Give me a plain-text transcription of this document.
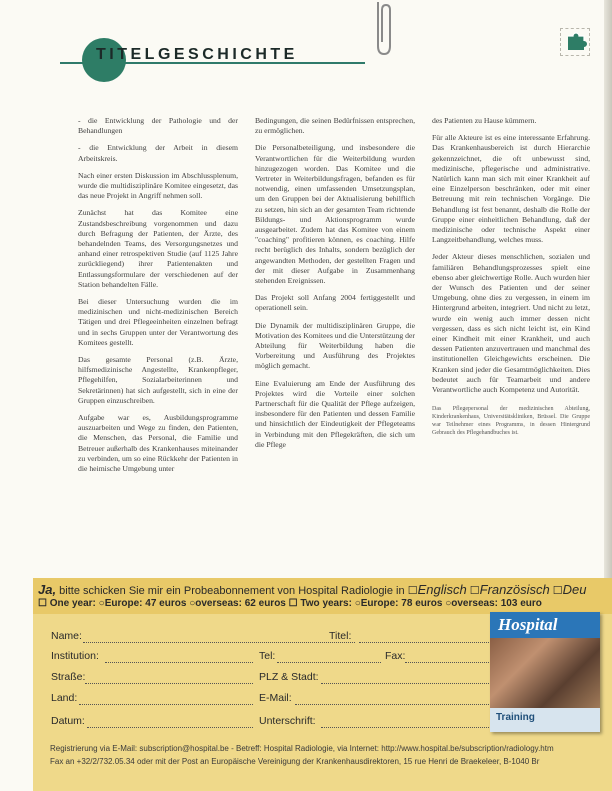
TITELGESCHICHTE

- die Entwicklung der Pathologie und der Behandlungen

- die Entwicklung der Arbeit in diesem Arbeitskreis.

Nach einer ersten Diskussion im Abschlussplenum, wurde die multidisziplinäre Komitee eingesetzt, das das neue Projekt in Angriff nehmen soll.

Zunächst hat das Komitee eine Zustandsbeschreibung vorgenommen und dazu durch Befragung der Patienten, der Ärzte, des behandelnden Teams, des Versorgungsnetzes und anhand einer retrospektiven Studie (auf 1125 Jahre zurückliegend) ihrer Patientenakten und Entlassungsformulare der verschiedenen auf der Station behandelten Fälle.

Bei dieser Untersuchung wurden die im medizinischen und nicht-medizinischen Bereich Tätigen und drei Pflegeeinheiten einzelnen befragt und in sechs Gruppen unter der Verantwortung des Komitees gestellt.

Das gesamte Personal (z.B. Ärzte, hilfsmedizinische Angestellte, Krankenpfleger, Pflegehilfen, Sozialarbeiterinnen und Sekretärinnen) hat sich aufgestellt, sich in eine der Gruppen einzuschreiben.

Aufgabe war es, Ausbildungsprogramme auszuarbeiten und Wege zu finden, den Patienten, die Menschen, das Personal, die Familie und Betreuer außerhalb des Krankenhauses miteinander zu verbinden, um so eine Rückkehr der Patienten in die heimische Umgebung unter

Bedingungen, die seinen Bedürfnissen entsprechen, zu ermöglichen.

Die Personalbeteiligung, und insbesondere die Verantwortlichen für die Weiterbildung wurden hinzugezogen worden. Das Komitee und die Vertreter in Weiterbildungsfragen, befanden es für notwendig, einen umfassenden Umsetzungsplan, um den Gruppen bei der Aktualisierung behilflich zu setzen, hin sich an der gesamten Team richtende Bildungs- und Aktionsprogramm wurde ausgearbeitet. Zudem hat das Komitee von einem "coaching" profitieren können, es coaching. Hilfe recht berüglich des Inhalts, sondern bezüglich der angewandten Methoden, der gestellten Fragen und der mit dieser Aufgabe in Zusammenhang stehenden Ereignissen.

Das Projekt soll Anfang 2004 fertiggestellt und operationell sein.

Die Dynamik der multidisziplinären Gruppe, die Motivation des Komitees und die Unterstützung der Abteilung für Weiterbildung haben die Vorbereitung und Ausführung des Projektes möglich gemacht.

Eine Evaluierung am Ende der Ausführung des Projektes wird die Vorteile einer solchen Partnerschaft für die Qualität der Pflege aufzeigen, insbesondere für den Patienten und dessen Familie und hinsichtlich der Eindeutigkeit der Pflegeteams in Verbindung mit den Pflegekräften, die sich um die Pflege

des Patienten zu Hause kümmern.

Für alle Akteure ist es eine interessante Erfahrung. Das Krankenhausbereich ist durch Hierarchie gekennzeichnet, die oft unbewusst sind, medizinische, pflegerische und administrative. Natürlich kann man sich mit einer Krankheit auf eine Einzelperson beschränken, oder mit einer Betreuung mit rein technischen Vorgänge. Die Behandlung ist fest benannt, deshalb die Rolle der Gruppe einer einheitlichen Behandlung, daß der medizinische oder technische Aspekt einer Langzeitbehandlung, welches muss.

Jeder Akteur dieses menschlichen, sozialen und familiären Behandlungsprozesses spielt eine ebenso aber gleichwertige Rolle. Auch wurden hier der Wunsch des Patienten und der seiner Umgebung, ohne dies zu vergessen, in einem im Hintergrund arbeiten, integriert. Und nicht zu letzt, wurde ein wenig auch immer dessen nicht vergessen, dass es sich nicht leicht ist, ein Kind einer Kindheit mit einer Krankheit, und auch dessen Patienten anzuvertrauen und manchmal des institutionellen Gleichgewichts erscheinen. Die Kranken sind jeder die Gesamtmöglichkeiten. Dies bedeutet auch für Teamarbeit und andere Verantwortliche auch Kompetenz und Autorität.

Das Pflegepersonal der medizinischen Abteilung, Kinderkrankenhaus, Universitätskliniken, Brüssel. Die Gruppe war Teilnehmer eines Programms, in dessen Hintergrund Gebrauch des Pflegehandbuches ist.

Ja, bitte schicken Sie mir ein Probeabonnement von Hospital Radiologie in ☐Englisch ☐Französisch ☐Deu
☐ One year: ○Europe: 47 euros ○overseas: 62 euros ☐ Two years: ○Europe: 78 euros ○overseas: 103 euro
Name:	Titel:
Institution:	Tel:	Fax:
Straße:	PLZ & Stadt:
Land:	E-Mail:
Datum:	Unterschrift:
Registrierung via E-Mail: subscription@hospital.be - Betreff: Hospital Radiologie, via Internet: http://www.hospital.be/subscription/radiology.htm
Fax an +32/2/732.05.34 oder mit der Post an Europäische Vereinigung der Krankenhausdirektoren, 15 rue Henri de Braekeleer, B-1040 Br
Hospital
Training
